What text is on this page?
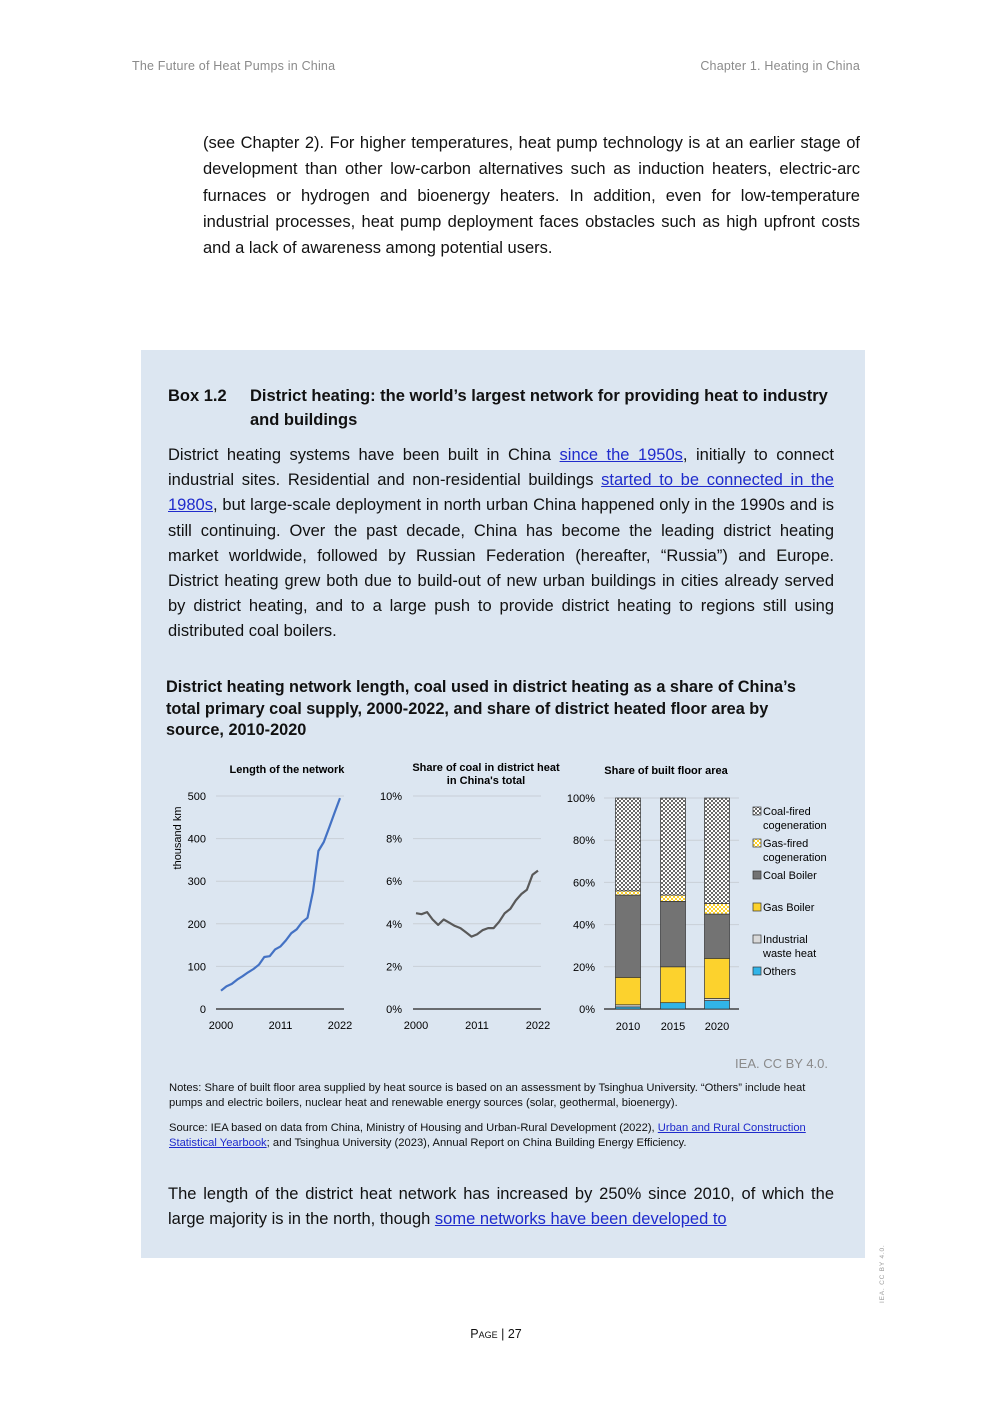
The Future of Heat Pumps in China	Chapter 1. Heating in China

(see Chapter 2). For higher temperatures, heat pump technology is at an earlier stage of development than other low-carbon alternatives such as induction heaters, electric-arc furnaces or hydrogen and bioenergy heaters. In addition, even for low-temperature industrial processes, heat pump deployment faces obstacles such as high upfront costs and a lack of awareness among potential users.

Box 1.2	District heating: the world’s largest network for providing heat to industry and buildings

District heating systems have been built in China since the 1950s, initially to connect industrial sites. Residential and non-residential buildings started to be connected in the 1980s, but large-scale deployment in north urban China happened only in the 1990s and is still continuing. Over the past decade, China has become the leading district heating market worldwide, followed by Russian Federation (hereafter, “Russia”) and Europe. District heating grew both due to build-out of new urban buildings in cities already served by district heating, and to a large push to provide district heating to regions still using distributed coal boilers.

District heating network length, coal used in district heating as a share of China’s total primary coal supply, 2000-2022, and share of district heated floor area by source, 2010-2020

Length of the network
thousand km
0
100
200
300
400
500
2000	2011	2022
Share of coal in district heat in China's total
0%
2%
4%
6%
8%
10%
2000	2011	2022
Share of built floor area
0%
20%
40%
60%
80%
100%
2010 2015 2020
Coal-fired
cogeneration
Gas-fired
cogeneration
Coal Boiler
Gas Boiler
Industrial
waste heat
Others
IEA. CC BY 4.0.

Notes: Share of built floor area supplied by heat source is based on an assessment by Tsinghua University. “Others” include heat pumps and electric boilers, nuclear heat and renewable energy sources (solar, geothermal, bioenergy).

Source: IEA based on data from China, Ministry of Housing and Urban-Rural Development (2022), Urban and Rural Construction Statistical Yearbook; and Tsinghua University (2023), Annual Report on China Building Energy Efficiency.

The length of the district heat network has increased by 250% since 2010, of which the large majority is in the north, though some networks have been developed to

Page | 27
IEA. CC BY 4.0.
